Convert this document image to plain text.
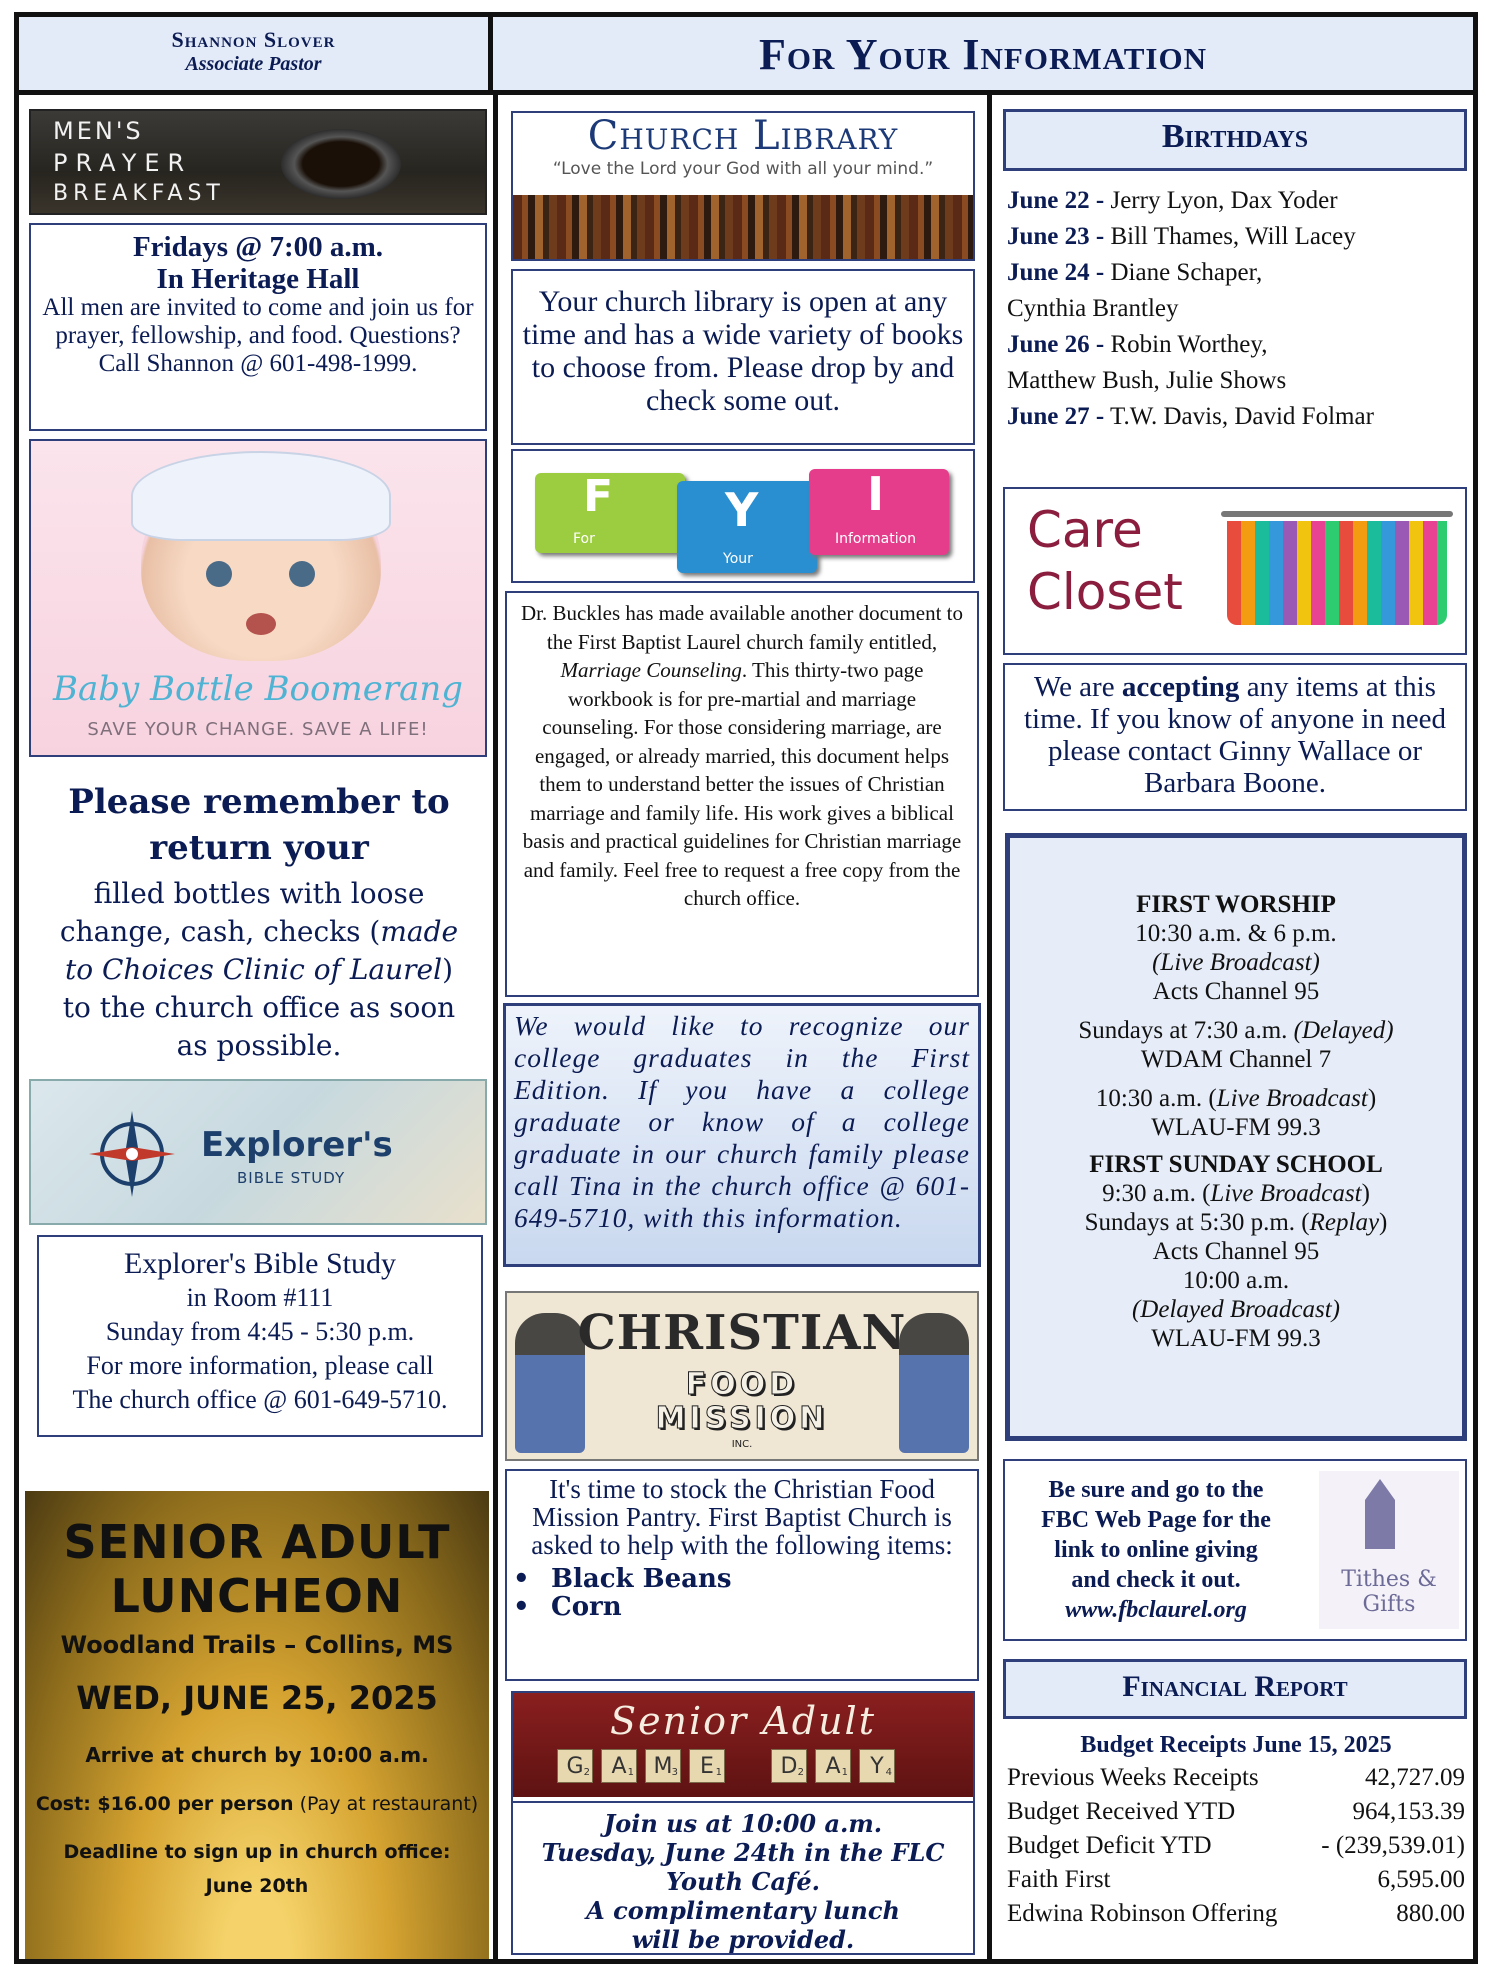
Shannon Slover
Associate Pastor	For Your Information
MEN'S
PRAYER
BREAKFAST
Fridays @ 7:00 a.m.
In Heritage Hall
All men are invited to come and join us for prayer, fellowship, and food. Questions? Call Shannon @ 601-498-1999.
Baby Bottle Boomerang
SAVE YOUR CHANGE. SAVE A LIFE!
Please remember to return your
filled bottles with loose change, cash, checks (made to Choices Clinic of Laurel) to the church office as soon as possible.
Explorer's
BIBLE STUDY
Explorer's Bible Study
in Room #111
Sunday from 4:45 - 5:30 p.m.
For more information, please call
The church office @ 601-649-5710.
SENIOR ADULT
LUNCHEON
Woodland Trails – Collins, MS
WED, JUNE 25, 2025
Arrive at church by 10:00 a.m.
Cost: $16.00 per person (Pay at restaurant)
Deadline to sign up in church office:
June 20th
Church Library
“Love the Lord your God with all your mind.”
Your church library is open at any time and has a wide variety of books to choose from. Please drop by and check some out.
F Y I
For
Your
Information
Dr. Buckles has made available another document to the First Baptist Laurel church family entitled, Marriage Counseling. This thirty-two page workbook is for pre-martial and marriage counseling. For those considering marriage, are engaged, or already married, this document helps them to understand better the issues of Christian marriage and family life. His work gives a biblical basis and practical guidelines for Christian marriage and family. Feel free to request a free copy from the church office.
We would like to recognize our college graduates in the First Edition. If you have a college graduate or know of a college graduate in our church family please call Tina in the church office @ 601-649-5710, with this information.
CHRISTIAN
FOOD
MISSION
INC.
It's time to stock the Christian Food Mission Pantry. First Baptist Church is asked to help with the following items:
• Black Beans
• Corn
Senior Adult
G 2 A 1 M 3	E 1	D 2 A 1	Y 4
Join us at 10:00 a.m.
Tuesday, June 24th in the FLC
Youth Café.
A complimentary lunch
will be provided.
Birthdays
June 22 - Jerry Lyon, Dax Yoder
June 23 - Bill Thames, Will Lacey
June 24 - Diane Schaper,
Cynthia Brantley
June 26 - Robin Worthey,
Matthew Bush, Julie Shows
June 27 - T.W. Davis, David Folmar
Care
Closet
We are accepting any items at this time. If you know of anyone in need please contact Ginny Wallace or Barbara Boone.
FIRST WORSHIP
10:30 a.m. & 6 p.m.
(Live Broadcast)
Acts Channel 95
Sundays at 7:30 a.m. (Delayed)
WDAM Channel 7
10:30 a.m. (Live Broadcast)
WLAU-FM 99.3
FIRST SUNDAY SCHOOL
9:30 a.m. (Live Broadcast)
Sundays at 5:30 p.m. (Replay)
Acts Channel 95
10:00 a.m.
(Delayed Broadcast)
WLAU-FM 99.3
Be sure and go to the
FBC Web Page for the
link to online giving
and check it out.
www.fbclaurel.org
Tithes & Gifts
Financial Report
Budget Receipts June 15, 2025
Previous Weeks Receipts	42,727.09
Budget Received YTD	964,153.39
Budget Deficit YTD	- (239,539.01)
Faith First	6,595.00
Edwina Robinson Offering	880.00
